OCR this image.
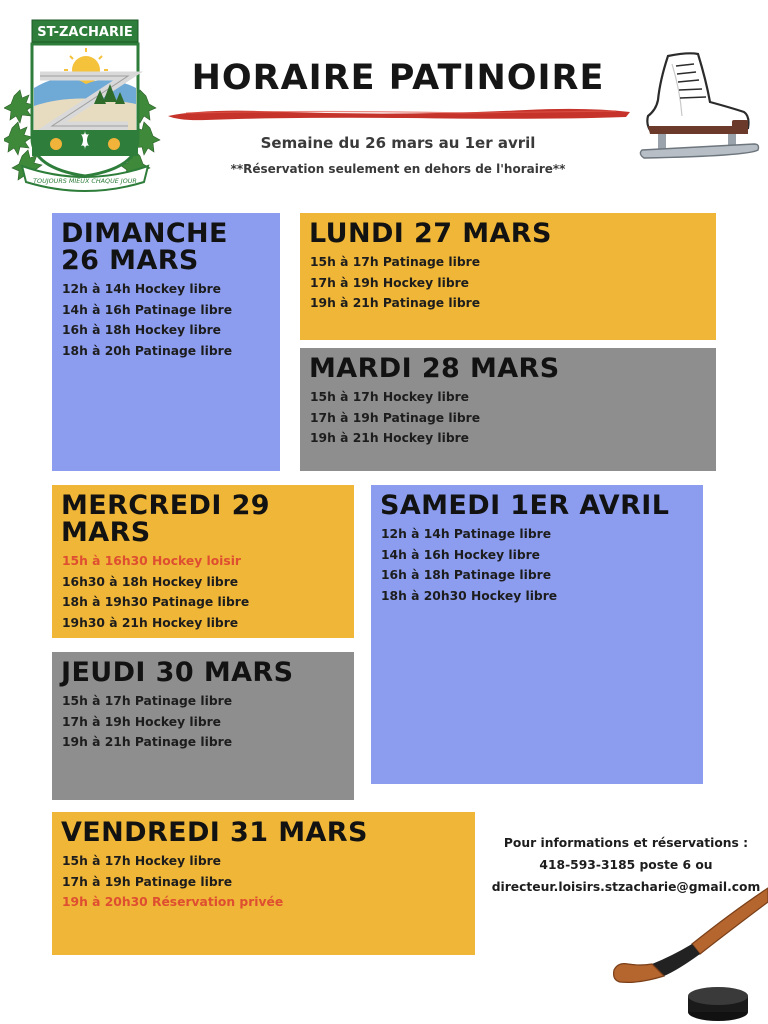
ST-ZACHARIE
TOUJOURS MIEUX CHAQUE JOUR
HORAIRE PATINOIRE
Semaine du 26 mars au 1er avril
**Réservation seulement en dehors de l'horaire**
DIMANCHE 26 MARS
12h à 14h Hockey libre
14h à 16h Patinage libre
16h à 18h Hockey libre
18h à 20h Patinage libre
LUNDI 27 MARS
15h à 17h Patinage libre
17h à 19h Hockey libre
19h à 21h Patinage libre
MARDI 28 MARS
15h à 17h Hockey libre
17h à 19h Patinage libre
19h à 21h Hockey libre
MERCREDI 29 MARS
15h à 16h30 Hockey loisir
16h30 à 18h Hockey libre
18h à 19h30 Patinage libre
19h30 à 21h Hockey libre
SAMEDI 1ER AVRIL
12h à 14h Patinage libre
14h à 16h Hockey libre
16h à 18h Patinage libre
18h à 20h30 Hockey libre
JEUDI 30 MARS
15h à 17h Patinage libre
17h à 19h Hockey libre
19h à 21h Patinage libre
VENDREDI 31 MARS
15h à 17h Hockey libre
17h à 19h Patinage libre
19h à 20h30 Réservation privée
Pour informations et réservations :
418-593-3185 poste 6 ou
directeur.loisirs.stzacharie@gmail.com
